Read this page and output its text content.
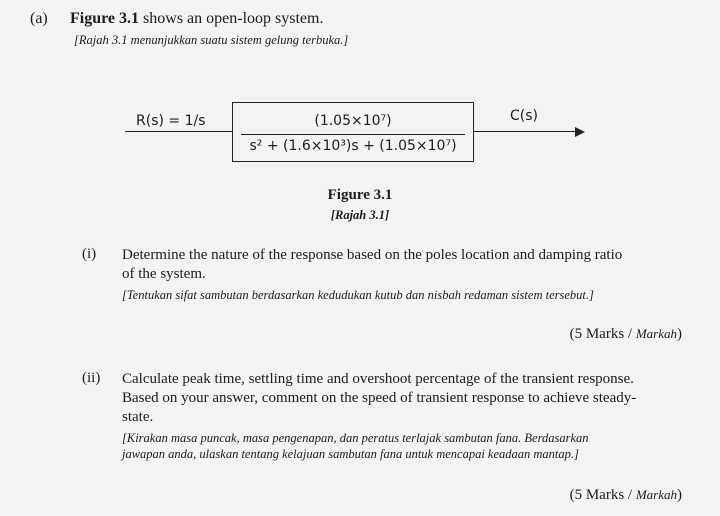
(a) Figure 3.1 shows an open-loop system.
[Rajah 3.1 menunjukkan suatu sistem gelung terbuka.]
R(s) = 1/s	(1.05×10⁷)
s² + (1.6×10³)s + (1.05×10⁷)
C(s)
Figure 3.1
[Rajah 3.1]
(i) Determine the nature of the response based on the poles location and damping ratio
of the system.
[Tentukan sifat sambutan berdasarkan kedudukan kutub dan nisbah redaman sistem tersebut.]
(5 Marks / Markah)
(ii) Calculate peak time, settling time and overshoot percentage of the transient response.
Based on your answer, comment on the speed of transient response to achieve steady-
state.
[Kirakan masa puncak, masa pengenapan, dan peratus terlajak sambutan fana. Berdasarkan
jawapan anda, ulaskan tentang kelajuan sambutan fana untuk mencapai keadaan mantap.]
(5 Marks / Markah)
